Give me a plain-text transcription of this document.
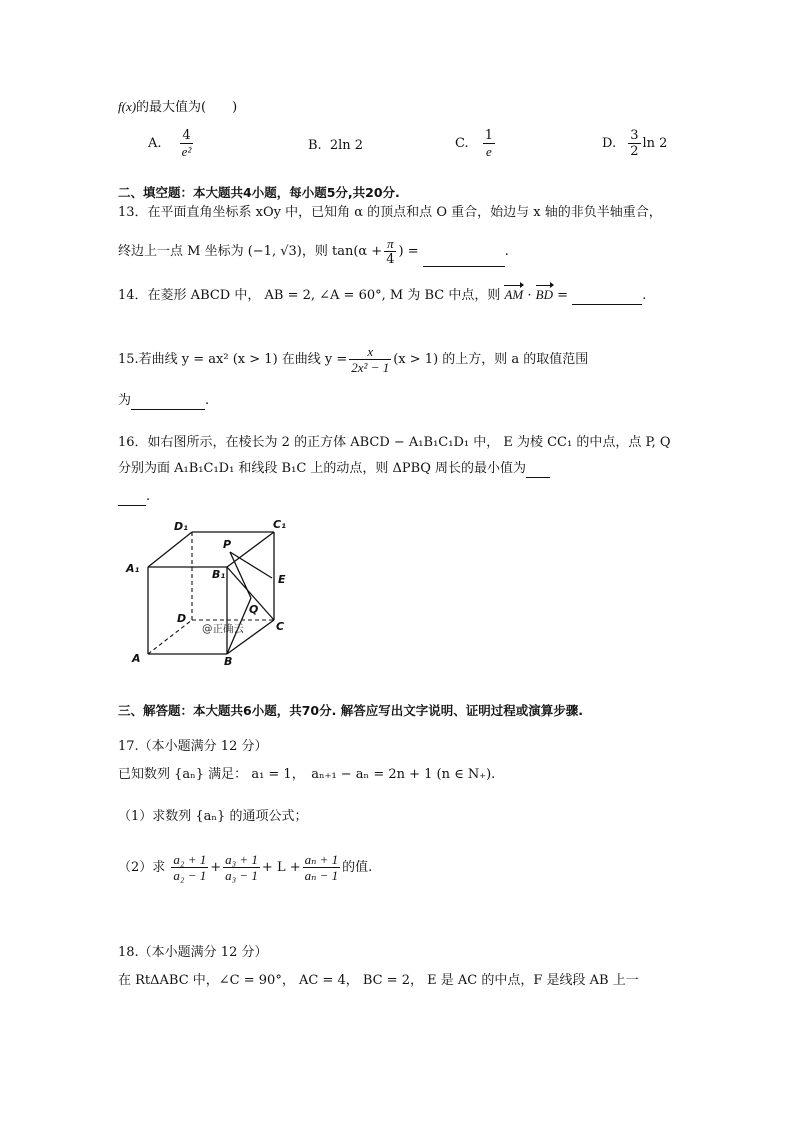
f(x)的最大值为(　　)
A. $\frac{4}{\text{e²}}$	B. 2ln 2	C. $\frac{1}{e}$	D. $\frac{3}{2}$ ln 2
二、填空题：本大题共4小题，每小题5分,共20分.
13．在平面直角坐标系 xOy 中，已知角 α 的顶点和点 O 重合，始边与 x 轴的非负半轴重合，
终边上一点 M 坐标为 (−1, √3)，则 $\tan(\alpha + \frac{\pi}{4}$ ) =	.
14．在菱形 ABCD 中， AB = 2, ∠A = 60°, M 为 BC 中点，则 AM · BD =	.
15.若曲线 y = ax² (x > 1) 在曲线 $y = \frac{x}{\text{2x² − 1}} (x > 1)$ 的上方，则 a 的取值范围
为	.
16．如右图所示，在棱长为 2 的正方体 ABCD − A₁B₁C₁D₁ 中， E 为棱 CC₁ 的中点，点 P, Q
分别为面 A₁B₁C₁D₁ 和线段 B₁C 上的动点，则 ΔPBQ 周长的最小值为
.
D₁	C₁
A₁	B₁
P
E
D
Q
C
A	B
@正确云
三、解答题：本大题共6小题，共70分. 解答应写出文字说明、证明过程或演算步骤.
17.（本小题满分 12 分）
已知数列 {aₙ} 满足： a₁ = 1，　aₙ₊₁ − aₙ = 2n + 1 (n ∈ N₊).
（1）求数列 {aₙ} 的通项公式；
（2）求 $\frac{\text{a₂ + 1}}{\text{a₂ − 1}} + \frac{\text{a₃ + 1}}{\text{a₃ − 1}} + L + \frac{\text{aₙ + 1}}{\text{aₙ − 1}}$ 的值.
18.（本小题满分 12 分）
在 RtΔABC 中，∠C = 90°， AC = 4， BC = 2， E 是 AC 的中点，F 是线段 AB 上一
